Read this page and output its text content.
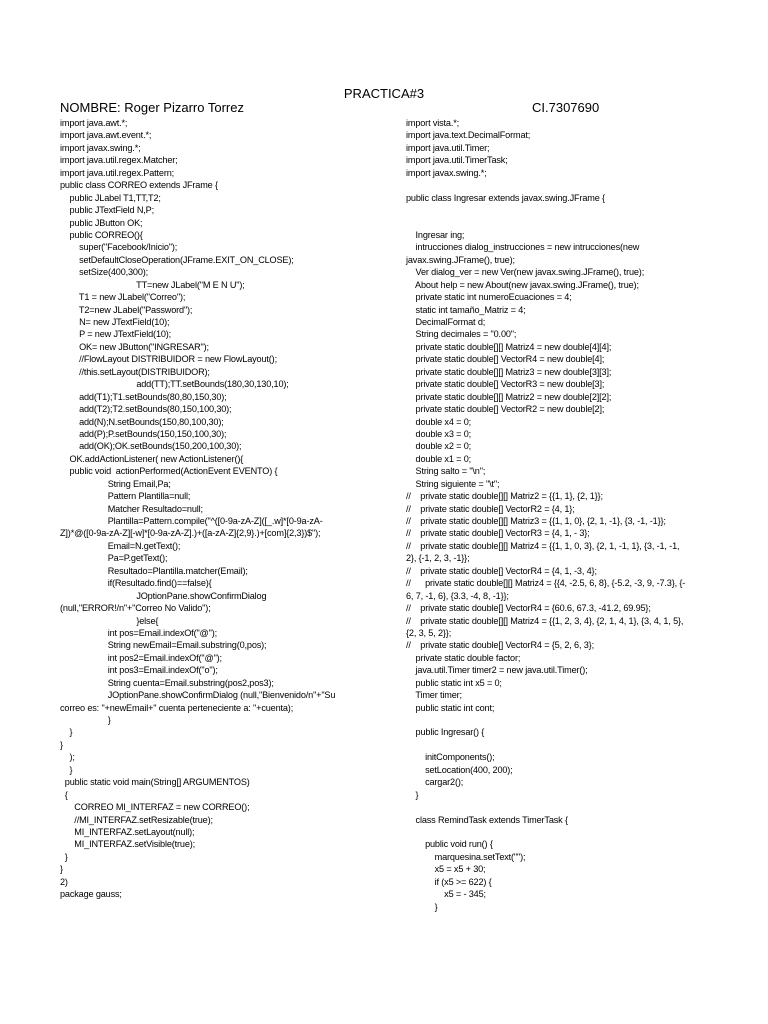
PRACTICA#3
NOMBRE: Roger Pizarro Torrez	CI.7307690
import java.awt.*;
import java.awt.event.*;
import javax.swing.*;
import java.util.regex.Matcher;
import java.util.regex.Pattern;
public class CORREO extends JFrame {
public JLabel T1,TT,T2;
public JTextField N,P;
public JButton OK;
public CORREO(){
super("Facebook/Inicio");
setDefaultCloseOperation(JFrame.EXIT_ON_CLOSE);
setSize(400,300);
TT=new JLabel("M E N U");
T1 = new JLabel("Correo");
T2=new JLabel("Password");
N= new JTextField(10);
P = new JTextField(10);
OK= new JButton("INGRESAR");
//FlowLayout DISTRIBUIDOR = new FlowLayout();
//this.setLayout(DISTRIBUIDOR);
add(TT);TT.setBounds(180,30,130,10);
add(T1);T1.setBounds(80,80,150,30);
add(T2);T2.setBounds(80,150,100,30);
add(N);N.setBounds(150,80,100,30);
add(P);P.setBounds(150,150,100,30);
add(OK);OK.setBounds(150,200,100,30);
OK.addActionListener( new ActionListener(){
public void  actionPerformed(ActionEvent EVENTO) {
String Email,Pa;
Pattern Plantilla=null;
Matcher Resultado=null;
Plantilla=Pattern.compile("^([0-9a-zA-Z]([_.w]*[0-9a-zA-
Z])*@([0-9a-zA-Z][-w]*[0-9a-zA-Z].)+([a-zA-Z]{2,9}.)+[com]{2,3})$");
Email=N.getText();
Pa=P.getText();
Resultado=Plantilla.matcher(Email);
if(Resultado.find()==false){
JOptionPane.showConfirmDialog
(null,"ERROR!/n"+"Correo No Valido");
}else{
int pos=Email.indexOf("@");
String newEmail=Email.substring(0,pos);
int pos2=Email.indexOf("@");
int pos3=Email.indexOf("o");
String cuenta=Email.substring(pos2,pos3);
JOptionPane.showConfirmDialog (null,"Bienvenido/n"+"Su
correo es: "+newEmail+" cuenta perteneciente a: "+cuenta);
}
}
}
);
}
public static void main(String[] ARGUMENTOS)
{
CORREO MI_INTERFAZ = new CORREO();
//MI_INTERFAZ.setResizable(true);
MI_INTERFAZ.setLayout(null);
MI_INTERFAZ.setVisible(true);
}
}
2)
package gauss;
import vista.*;
import java.text.DecimalFormat;
import java.util.Timer;
import java.util.TimerTask;
import javax.swing.*;
public class Ingresar extends javax.swing.JFrame {
Ingresar ing;
intrucciones dialog_instrucciones = new intrucciones(new
javax.swing.JFrame(), true);
Ver dialog_ver = new Ver(new javax.swing.JFrame(), true);
About help = new About(new javax.swing.JFrame(), true);
private static int numeroEcuaciones = 4;
static int tamaño_Matriz = 4;
DecimalFormat d;
String decimales = "0.00";
private static double[][] Matriz4 = new double[4][4];
private static double[] VectorR4 = new double[4];
private static double[][] Matriz3 = new double[3][3];
private static double[] VectorR3 = new double[3];
private static double[][] Matriz2 = new double[2][2];
private static double[] VectorR2 = new double[2];
double x4 = 0;
double x3 = 0;
double x2 = 0;
double x1 = 0;
String salto = "\n";
String siguiente = "\t";
//    private static double[][] Matriz2 = {{1, 1}, {2, 1}};
//    private static double[] VectorR2 = {4, 1};
//    private static double[][] Matriz3 = {{1, 1, 0}, {2, 1, -1}, {3, -1, -1}};
//    private static double[] VectorR3 = {4, 1, - 3};
//    private static double[][] Matriz4 = {{1, 1, 0, 3}, {2, 1, -1, 1}, {3, -1, -1,
2}, {-1, 2, 3, -1}};
//    private static double[] VectorR4 = {4, 1, -3, 4};
//      private static double[][] Matriz4 = {{4, -2.5, 6, 8}, {-5.2, -3, 9, -7.3}, {-
6, 7, -1, 6}, {3.3, -4, 8, -1}};
//    private static double[] VectorR4 = {60.6, 67.3, -41.2, 69.95};
//    private static double[][] Matriz4 = {{1, 2, 3, 4}, {2, 1, 4, 1}, {3, 4, 1, 5},
{2, 3, 5, 2}};
//    private static double[] VectorR4 = {5, 2, 6, 3};
private static double factor;
java.util.Timer timer2 = new java.util.Timer();
public static int x5 = 0;
Timer timer;
public static int cont;
public Ingresar() {
initComponents();
setLocation(400, 200);
cargar2();
}
class RemindTask extends TimerTask {
public void run() {
marquesina.setText("");
x5 = x5 + 30;
if (x5 >= 622) {
x5 = - 345;
}
